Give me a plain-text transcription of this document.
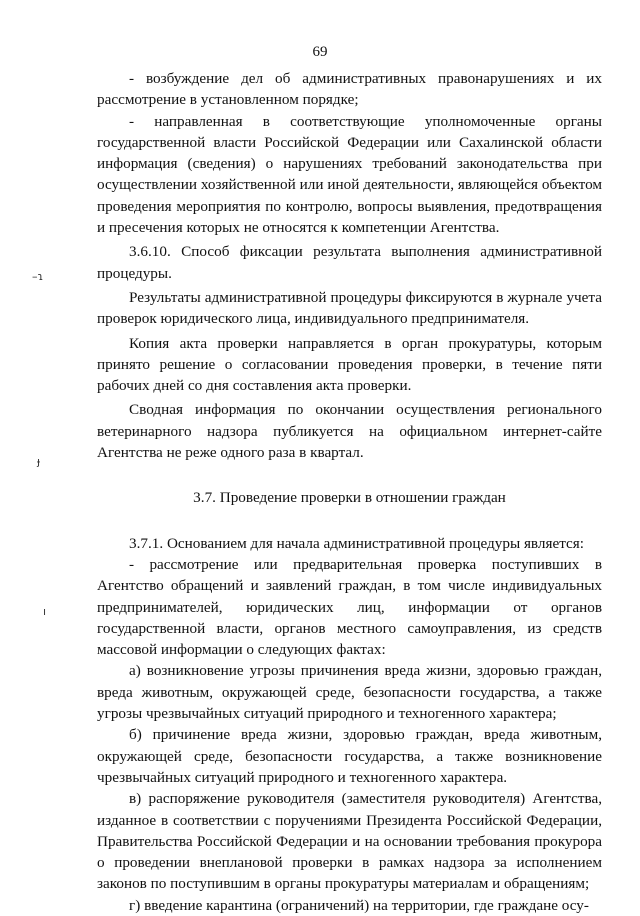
69
–ɿ
ɟ
ı

- возбуждение дел об административных правонарушениях и их рассмотрение в установленном порядке;

- направленная в соответствующие уполномоченные органы государственной власти Российской Федерации или Сахалинской области информация (сведения) о нарушениях требований законодательства при осуществлении хозяйственной или иной деятельности, являющейся объектом проведения мероприятия по контролю, вопросы выявления, предотвращения и пресечения которых не относятся к компетенции Агентства.

3.6.10. Способ фиксации результата выполнения административной процедуры.

Результаты административной процедуры фиксируются в журнале учета проверок юридического лица, индивидуального предпринимателя.

Копия акта проверки направляется в орган прокуратуры, которым принято решение о согласовании проведения проверки, в течение пяти рабочих дней со дня составления акта проверки.

Сводная информация по окончании осуществления регионального ветеринарного надзора публикуется на официальном интернет-сайте Агентства не реже одного раза в квартал.

3.7. Проведение проверки в отношении граждан

3.7.1. Основанием для начала административной процедуры является:

- рассмотрение или предварительная проверка поступивших в Агентство обращений и заявлений граждан, в том числе индивидуальных предпринимателей, юридических лиц, информации от органов государственной власти, органов местного самоуправления, из средств массовой информации о следующих фактах:

а) возникновение угрозы причинения вреда жизни, здоровью граждан, вреда животным, окружающей среде, безопасности государства, а также угрозы чрезвычайных ситуаций природного и техногенного характера;

б) причинение вреда жизни, здоровью граждан, вреда животным, окружающей среде, безопасности государства, а также возникновение чрезвычайных ситуаций природного и техногенного характера.

в) распоряжение руководителя (заместителя руководителя) Агентства, изданное в соответствии с поручениями Президента Российской Федерации, Правительства Российской Федерации и на основании требования прокурора о проведении внеплановой проверки в рамках надзора за исполнением законов по поступившим в органы прокуратуры материалам и обращениям;

г) введение карантина (ограничений) на территории, где граждане осу-
